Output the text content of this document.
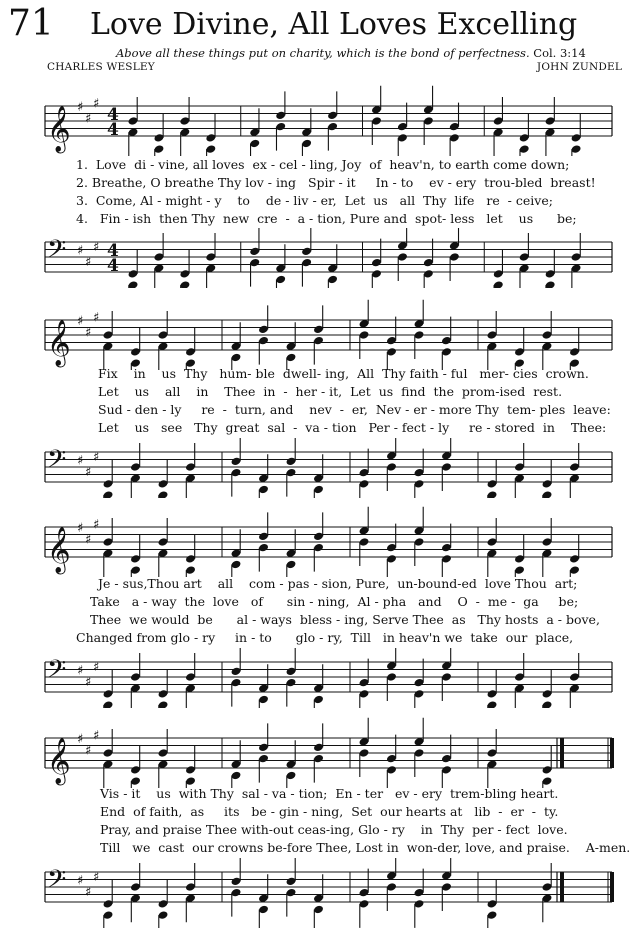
71 Love Divine, All Loves Excelling
Above all these things put on charity, which is the bond of perfectness. Col. 3:14
CHARLES WESLEY	JOHN ZUNDEL
𝄞 ♯
♯
♯
4
4
1.  Love  di - vine, all loves  ex - cel - ling, Joy  of  heav'n, to earth come down;
2. Breathe, O breathe Thy lov - ing   Spir - it     In - to    ev - ery  trou-bled  breast!
3.  Come, Al - might - y    to    de - liv - er,  Let  us   all  Thy  life   re  - ceive;
4.   Fin - ish  then Thy  new  cre  -  a - tion, Pure and  spot- less   let    us      be;
𝄢 ♯
♯
♯ 4
4
𝄞 ♯
♯
♯
Fix    in    us  Thy   hum- ble  dwell- ing,  All  Thy faith - ful   mer- cies  crown.
Let    us    all    in    Thee  in  -  her - it,  Let  us  find  the  prom-ised  rest.
Sud - den - ly     re  -  turn, and    nev  -  er,  Nev - er - more Thy  tem- ples  leave:
Let    us   see   Thy  great  sal  -  va - tion   Per - fect - ly     re - stored  in    Thee:
𝄢 ♯
♯
♯
𝄞 ♯
♯
♯
Je - sus,Thou art    all    com - pas - sion, Pure,  un-bound-ed  love Thou  art;
Take   a - way  the  love   of      sin - ning,  Al - pha   and    O  -  me -  ga     be;
Thee  we would  be      al - ways  bless - ing, Serve Thee  as   Thy hosts  a - bove,
Changed from glo - ry     in - to      glo - ry,  Till   in heav'n we  take  our  place,
𝄢 ♯
♯
♯
𝄞 ♯
♯
♯
Vis - it    us  with Thy  sal - va - tion;  En - ter   ev - ery  trem-bling heart.
End  of faith,  as     its   be - gin - ning,  Set  our hearts at   lib  -  er  -  ty.
Pray, and praise Thee with-out ceas-ing, Glo - ry    in  Thy  per - fect  love.
Till   we  cast  our crowns be-fore Thee, Lost in  won-der, love, and praise.    A-men.
𝄢 ♯
♯
♯
